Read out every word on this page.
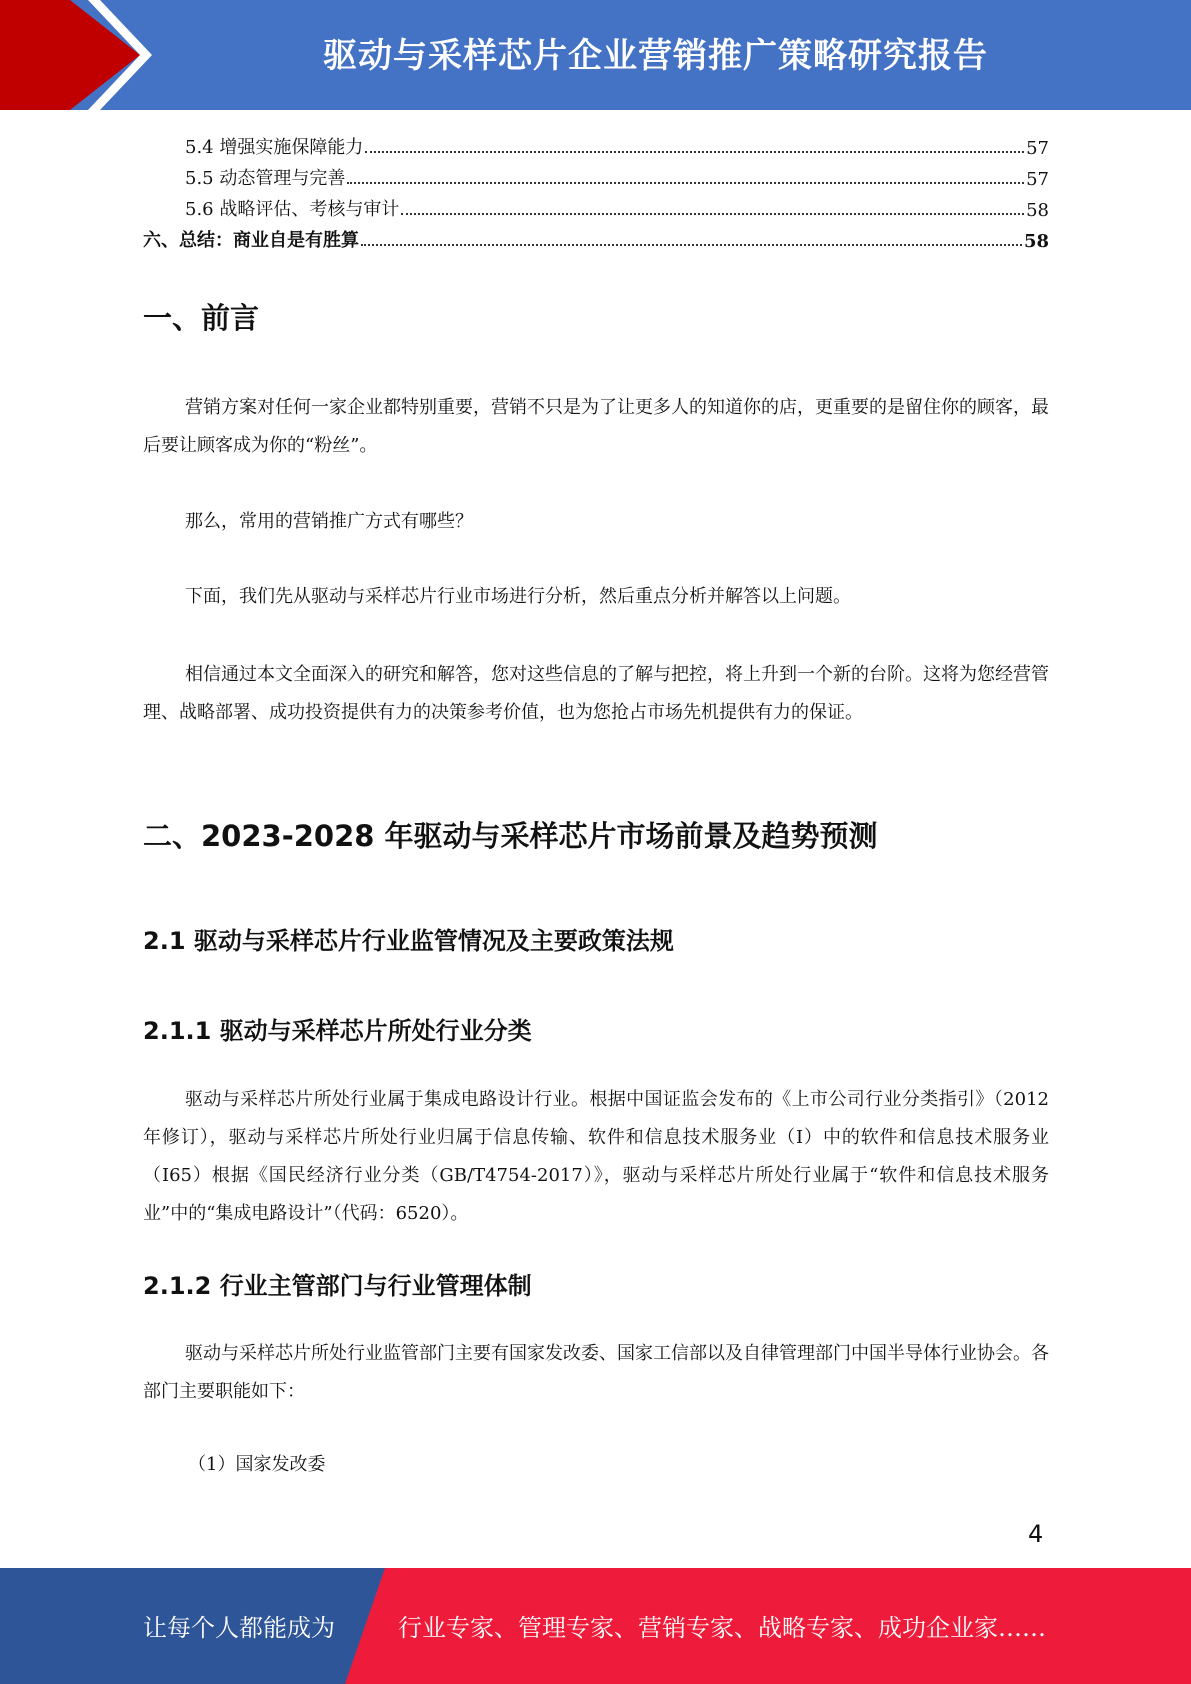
驱动与采样芯片企业营销推广策略研究报告
5.4 增强实施保障能力	57
5.5 动态管理与完善	57
5.6 战略评估、考核与审计	58
六、总结：商业自是有胜算	58
一、前言

营销方案对任何一家企业都特别重要，营销不只是为了让更多人的知道你的店，更重要的是留住你的顾客，最后要让顾客成为你的“粉丝”。

那么，常用的营销推广方式有哪些？

下面，我们先从驱动与采样芯片行业市场进行分析，然后重点分析并解答以上问题。

相信通过本文全面深入的研究和解答，您对这些信息的了解与把控，将上升到一个新的台阶。这将为您经营管理、战略部署、成功投资提供有力的决策参考价值，也为您抢占市场先机提供有力的保证。

二、2023-2028 年驱动与采样芯片市场前景及趋势预测
2.1 驱动与采样芯片行业监管情况及主要政策法规
2.1.1 驱动与采样芯片所处行业分类

驱动与采样芯片所处行业属于集成电路设计行业。根据中国证监会发布的《上市公司行业分类指引》（2012 年修订），驱动与采样芯片所处行业归属于信息传输、软件和信息技术服务业（I）中的软件和信息技术服务业（I65）根据《国民经济行业分类（GB/T4754-2017）》，驱动与采样芯片所处行业属于“软件和信息技术服务业”中的“集成电路设计”（代码：6520）。

2.1.2 行业主管部门与行业管理体制

驱动与采样芯片所处行业监管部门主要有国家发改委、国家工信部以及自律管理部门中国半导体行业协会。各部门主要职能如下：

（1）国家发改委
4
让每个人都能成为	行业专家、管理专家、营销专家、战略专家、成功企业家……
